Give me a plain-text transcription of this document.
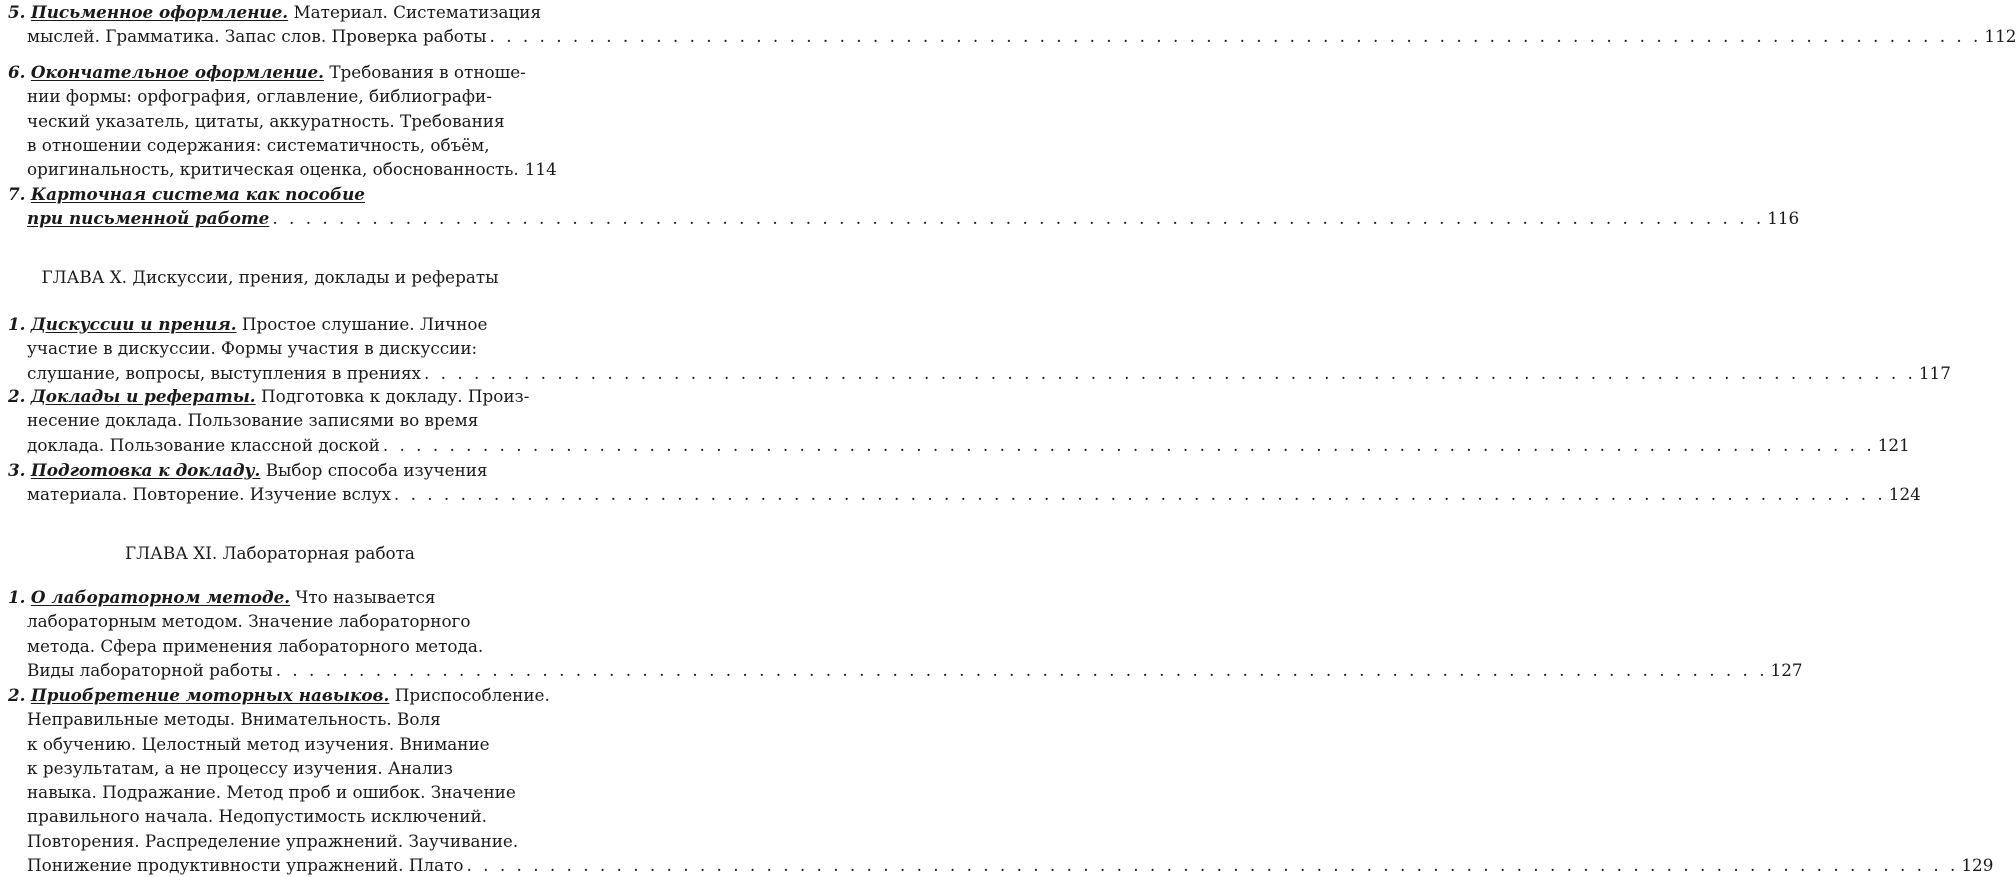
5. Письменное оформление. Материал. Систематизация
мыслей. Грамматика. Запас слов. Проверка работы . . .	112
6. Окончательное оформление. Требования в отноше-
нии формы: орфография, оглавление, библиографи-
ческий указатель, цитаты, аккуратность. Требования
в отношении содержания: систематичность, объём,
оригинальность, критическая оценка, обоснованность. 114
7. Карточная система как пособие
при письменной работе . . .	116
ГЛАВА X. Дискуссии, прения, доклады и рефераты
1. Дискуссии и прения. Простое слушание. Личное
участие в дискуссии. Формы участия в дискуссии:
слушание, вопросы, выступления в прениях . . .	117
2. Доклады и рефераты. Подготовка к докладу. Произ-
несение доклада. Пользование записями во время
доклада. Пользование классной доской . . .	121
3. Подготовка к докладу. Выбор способа изучения
материала. Повторение. Изучение вслух . . .	124
ГЛАВА XI. Лабораторная работа
1. О лабораторном методе. Что называется
лабораторным методом. Значение лабораторного
метода. Сфера применения лабораторного метода.
Виды лабораторной работы . . .	127
2. Приобретение моторных навыков. Приспособление.
Неправильные методы. Внимательность. Воля
к обучению. Целостный метод изучения. Внимание
к результатам, а не процессу изучения. Анализ
навыка. Подражание. Метод проб и ошибок. Значение
правильного начала. Недопустимость исключений.
Повторения. Распределение упражнений. Заучивание.
Понижение продуктивности упражнений. Плато . . .	129
